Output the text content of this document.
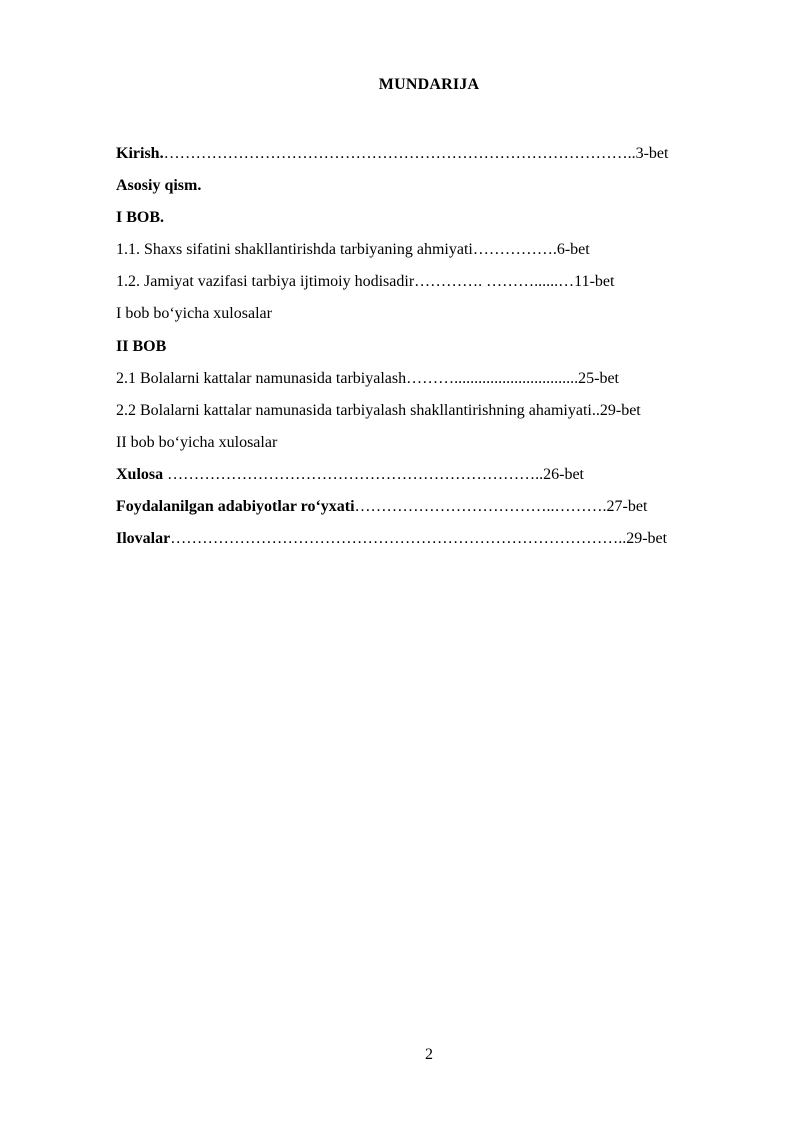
MUNDARIJA
Kirish.……………………………………………………………………………..3-bet
Asosiy qism.
I BOB.
1.1. Shaxs sifatini shakllantirishda tarbiyaning ahmiyati…………….6-bet
1.2. Jamiyat vazifasi tarbiya ijtimoiy hodisadir…………. ………......…11-bet
I bob bo‘yicha xulosalar
II BOB
2.1 Bolalarni kattalar namunasida tarbiyalash………...............................25-bet
2.2 Bolalarni kattalar namunasida tarbiyalash shakllantirishning ahamiyati..29-bet
II bob bo‘yicha xulosalar
Xulosa ……………………………………………………………..26-bet
Foydalanilgan adabiyotlar ro‘yxati………………………………..……….27-bet
Ilovalar…………………………………………………………………………..29-bet
2
